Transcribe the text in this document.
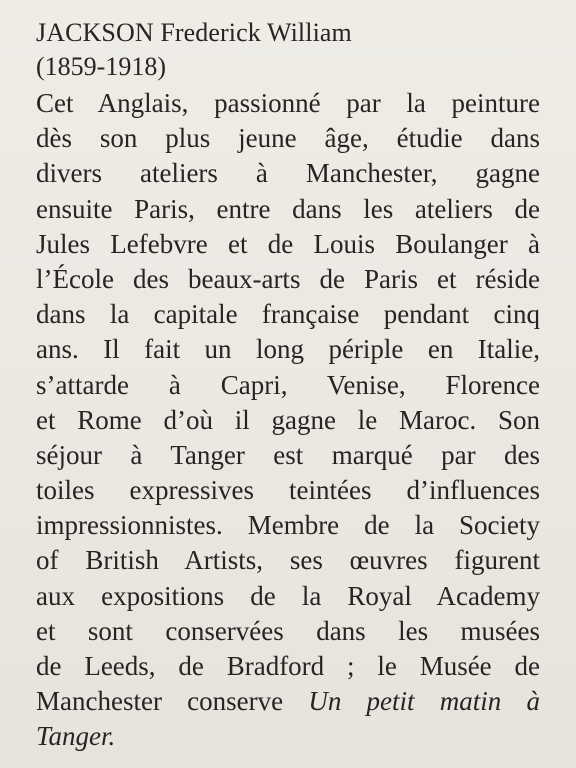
JACKSON Frederick William
(1859-1918)
Cet Anglais, passionné par la peinture
dès son plus jeune âge, étudie dans
divers ateliers à Manchester, gagne
ensuite Paris, entre dans les ateliers de
Jules Lefebvre et de Louis Boulanger à
l’École des beaux-arts de Paris et réside
dans la capitale française pendant cinq
ans. Il fait un long périple en Italie,
s’attarde à Capri, Venise, Florence
et Rome d’où il gagne le Maroc. Son
séjour à Tanger est marqué par des
toiles expressives teintées d’influences
impressionnistes. Membre de la Society
of British Artists, ses œuvres figurent
aux expositions de la Royal Academy
et sont conservées dans les musées
de Leeds, de Bradford ; le Musée de
Manchester conserve Un petit matin à
Tanger.
